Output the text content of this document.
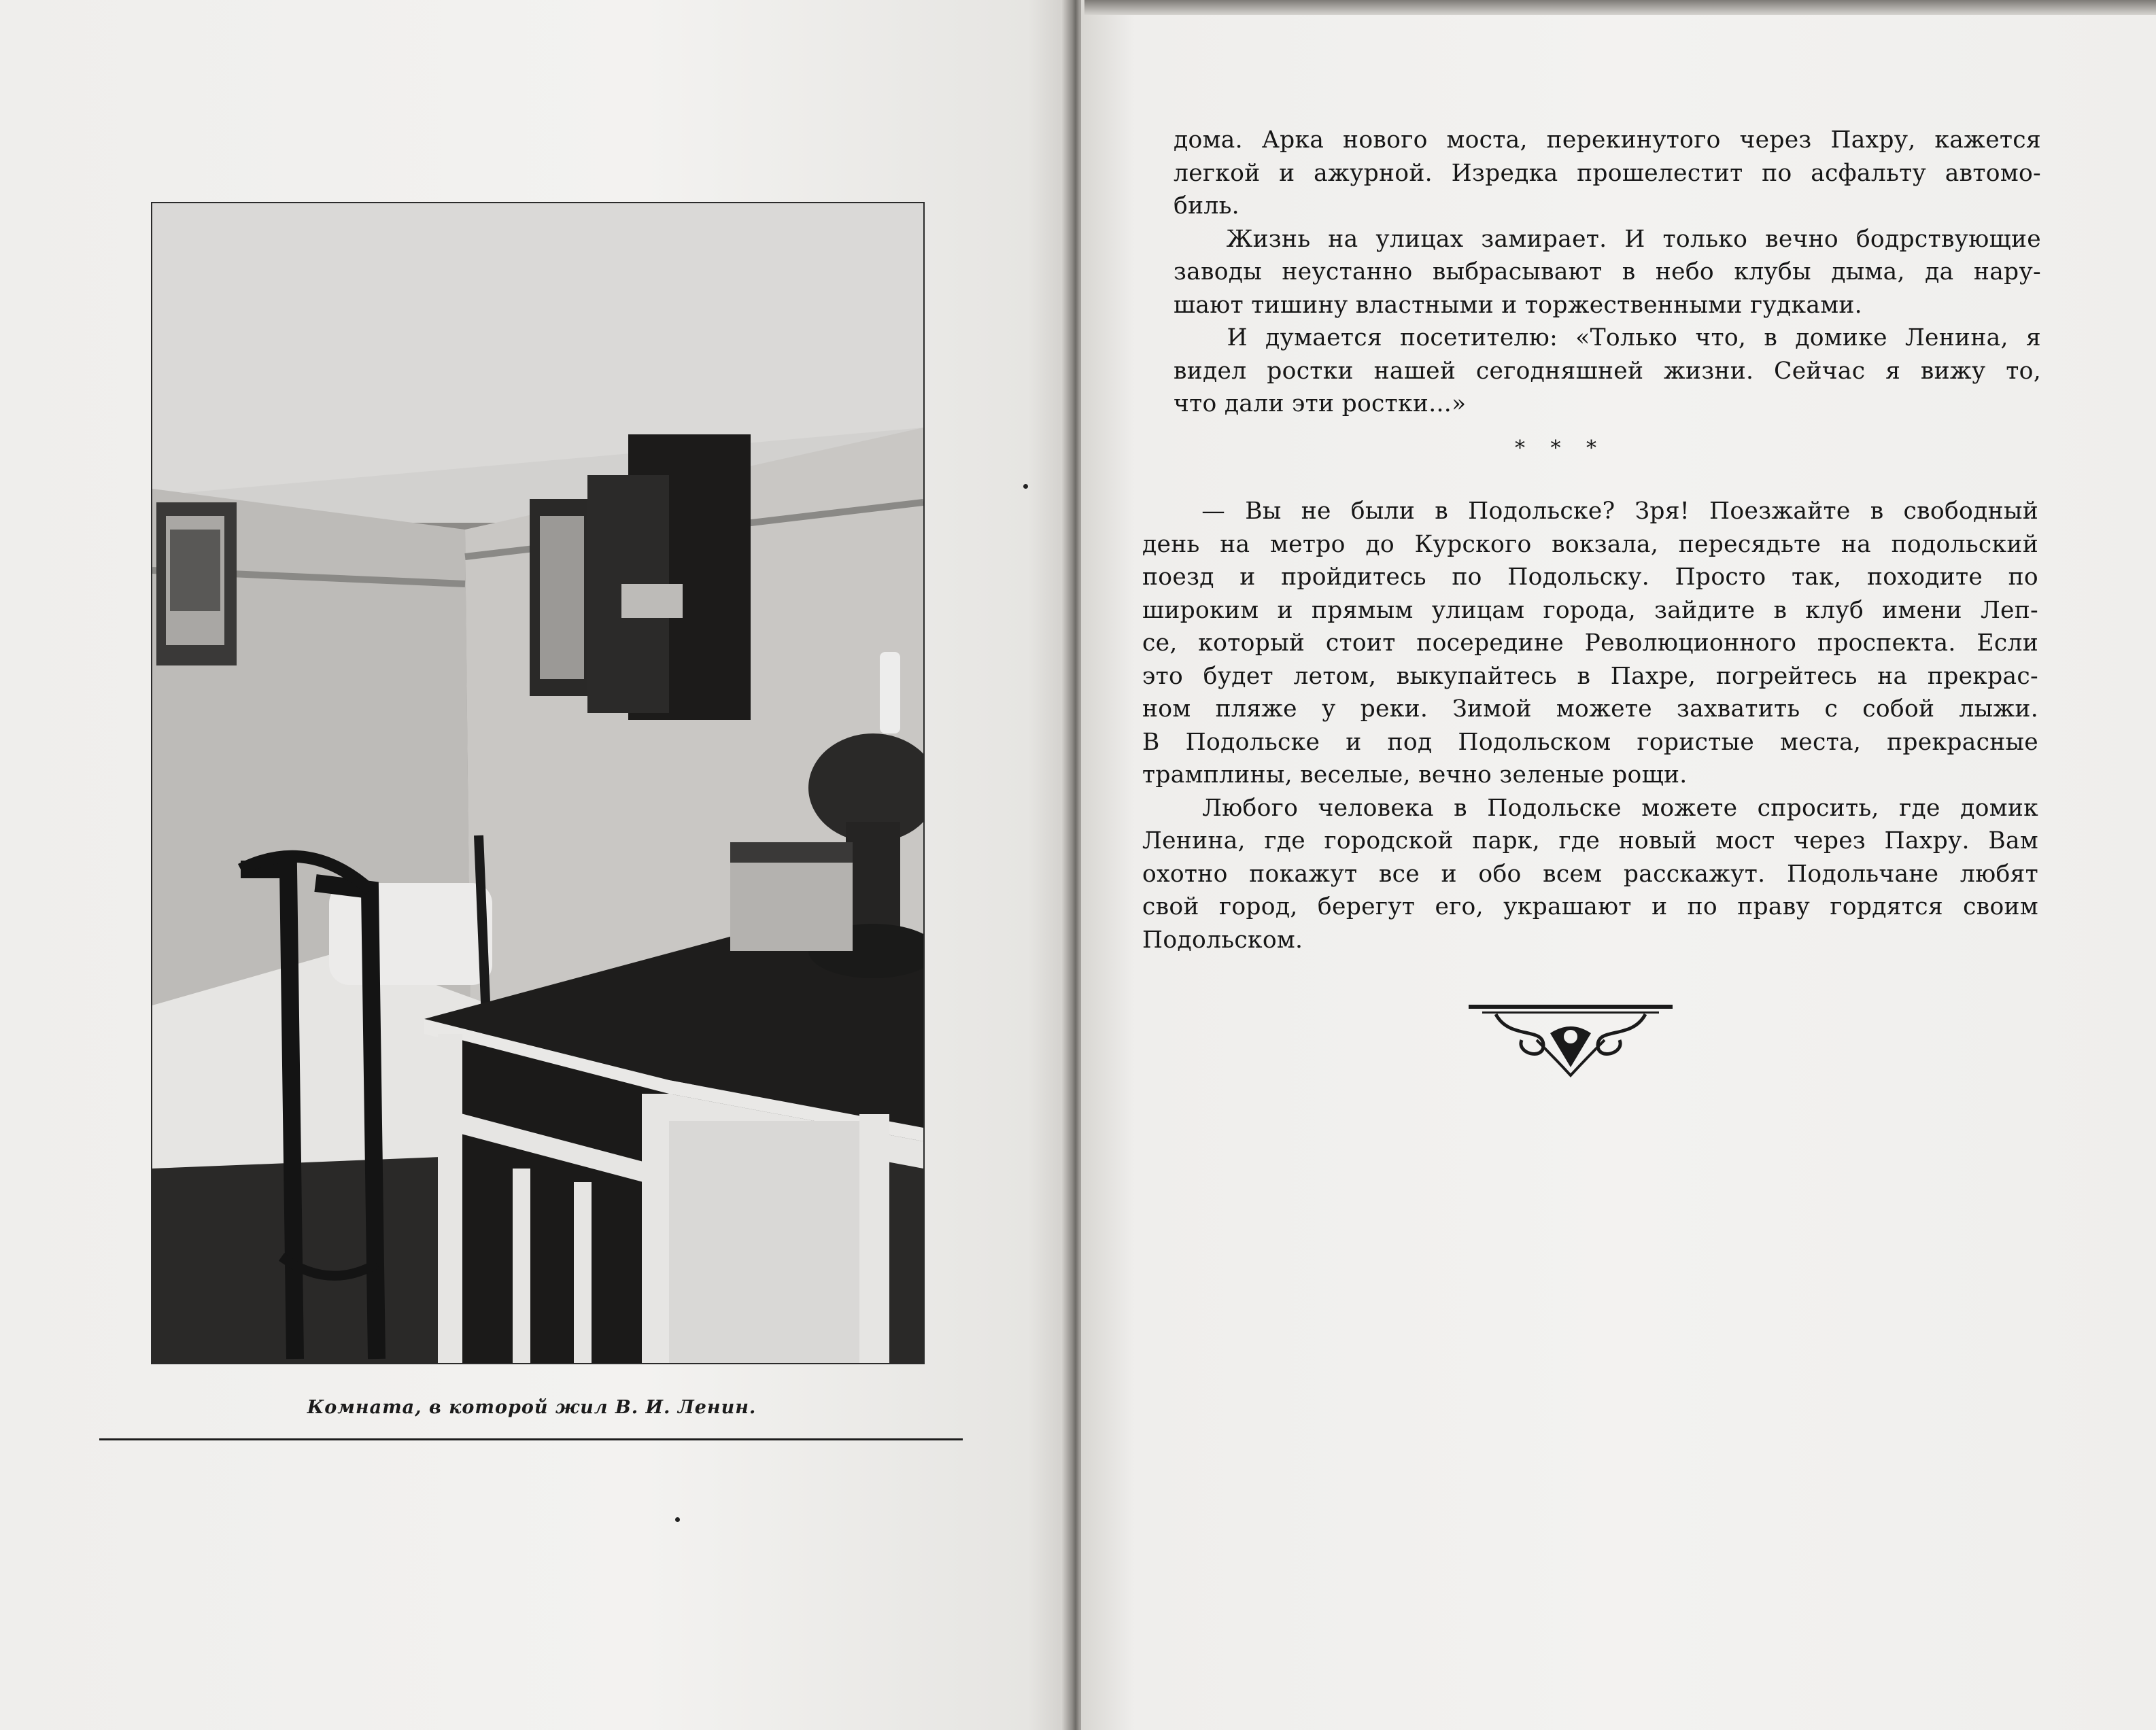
Комната, в которой жил В. И. Ленин.
дома. Арка нового моста, перекинутого через Пахру, кажется
легкой и ажурной. Изредка прошелестит по асфальту автомо-
биль.
Жизнь на улицах замирает. И только вечно бодрствующие
заводы неустанно выбрасывают в небо клубы дыма, да нару-
шают тишину властными и торжественными гудками.
И думается посетителю: «Только что, в домике Ленина, я
видел ростки нашей сегодняшней жизни. Сейчас я вижу то,
что дали эти ростки...»
* * *
— Вы не были в Подольске? Зря! Поезжайте в свободный
день на метро до Курского вокзала, пересядьте на подольский
поезд и пройдитесь по Подольску. Просто так, походите по
широким и прямым улицам города, зайдите в клуб имени Леп-
се, который стоит посередине Революционного проспекта. Если
это будет летом, выкупайтесь в Пахре, погрейтесь на прекрас-
ном пляже у реки. Зимой можете захватить с собой лыжи.
В Подольске и под Подольском гористые места, прекрасные
трамплины, веселые, вечно зеленые рощи.
Любого человека в Подольске можете спросить, где домик
Ленина, где городской парк, где новый мост через Пахру. Вам
охотно покажут все и обо всем расскажут. Подольчане любят
свой город, берегут его, украшают и по праву гордятся своим
Подольском.
